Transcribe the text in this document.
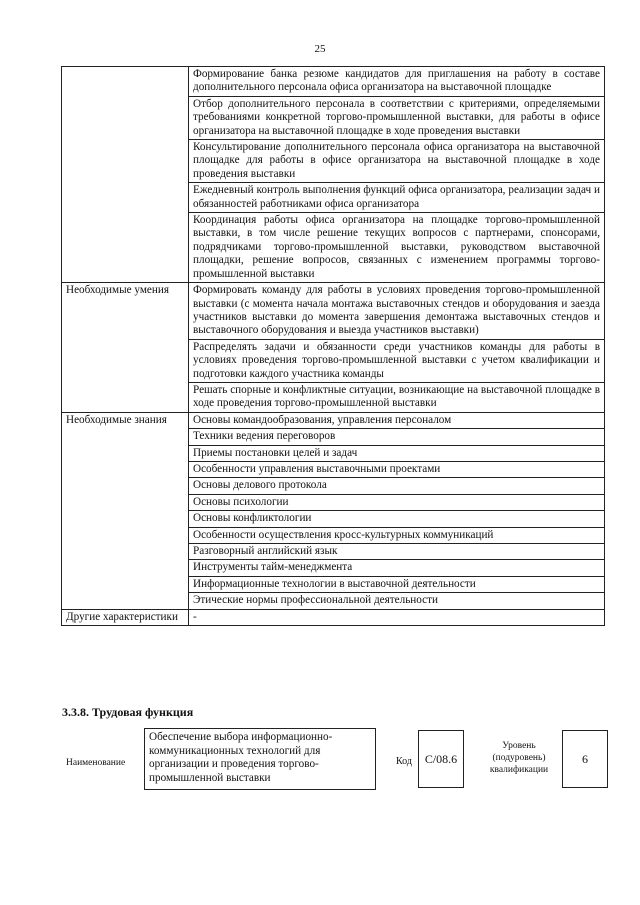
25
	Формирование банка резюме кандидатов для приглашения на работу в составе дополнительного персонала офиса организатора на выставочной площадке
	Отбор дополнительного персонала в соответствии с критериями, определяемыми требованиями конкретной торгово-промышленной выставки, для работы в офисе организатора на выставочной площадке в ходе проведения выставки
	Консультирование дополнительного персонала офиса организатора на выставочной площадке для работы в офисе организатора на выставочной площадке в ходе проведения выставки
	Ежедневный контроль выполнения функций офиса организатора, реализации задач и обязанностей работниками офиса организатора
	Координация работы офиса организатора на площадке торгово-промышленной выставки, в том числе решение текущих вопросов с партнерами, спонсорами, подрядчиками торгово-промышленной выставки, руководством выставочной площадки, решение вопросов, связанных с изменением программы торгово-промышленной выставки
Необходимые умения	Формировать команду для работы в условиях проведения торгово-промышленной выставки (с момента начала монтажа выставочных стендов и оборудования и заезда участников выставки до момента завершения демонтажа выставочных стендов и выставочного оборудования и выезда участников выставки)
	Распределять задачи и обязанности среди участников команды для работы в условиях проведения торгово-промышленной выставки с учетом квалификации и подготовки каждого участника команды
	Решать спорные и конфликтные ситуации, возникающие на выставочной площадке в ходе проведения торгово-промышленной выставки
Необходимые знания	Основы командообразования, управления персоналом
	Техники ведения переговоров
	Приемы постановки целей и задач
	Особенности управления выставочными проектами
	Основы делового протокола
	Основы психологии
	Основы конфликтологии
	Особенности осуществления кросс-культурных коммуникаций
	Разговорный английский язык
	Инструменты тайм-менеджмента
	Информационные технологии в выставочной деятельности
	Этические нормы профессиональной деятельности
Другие характеристики	-
3.3.8. Трудовая функция
Наименование
Обеспечение выбора информационно-коммуникационных технологий для организации и проведения торгово-промышленной выставки
Код	С/08.6
Уровень (подуровень) квалификации
6
